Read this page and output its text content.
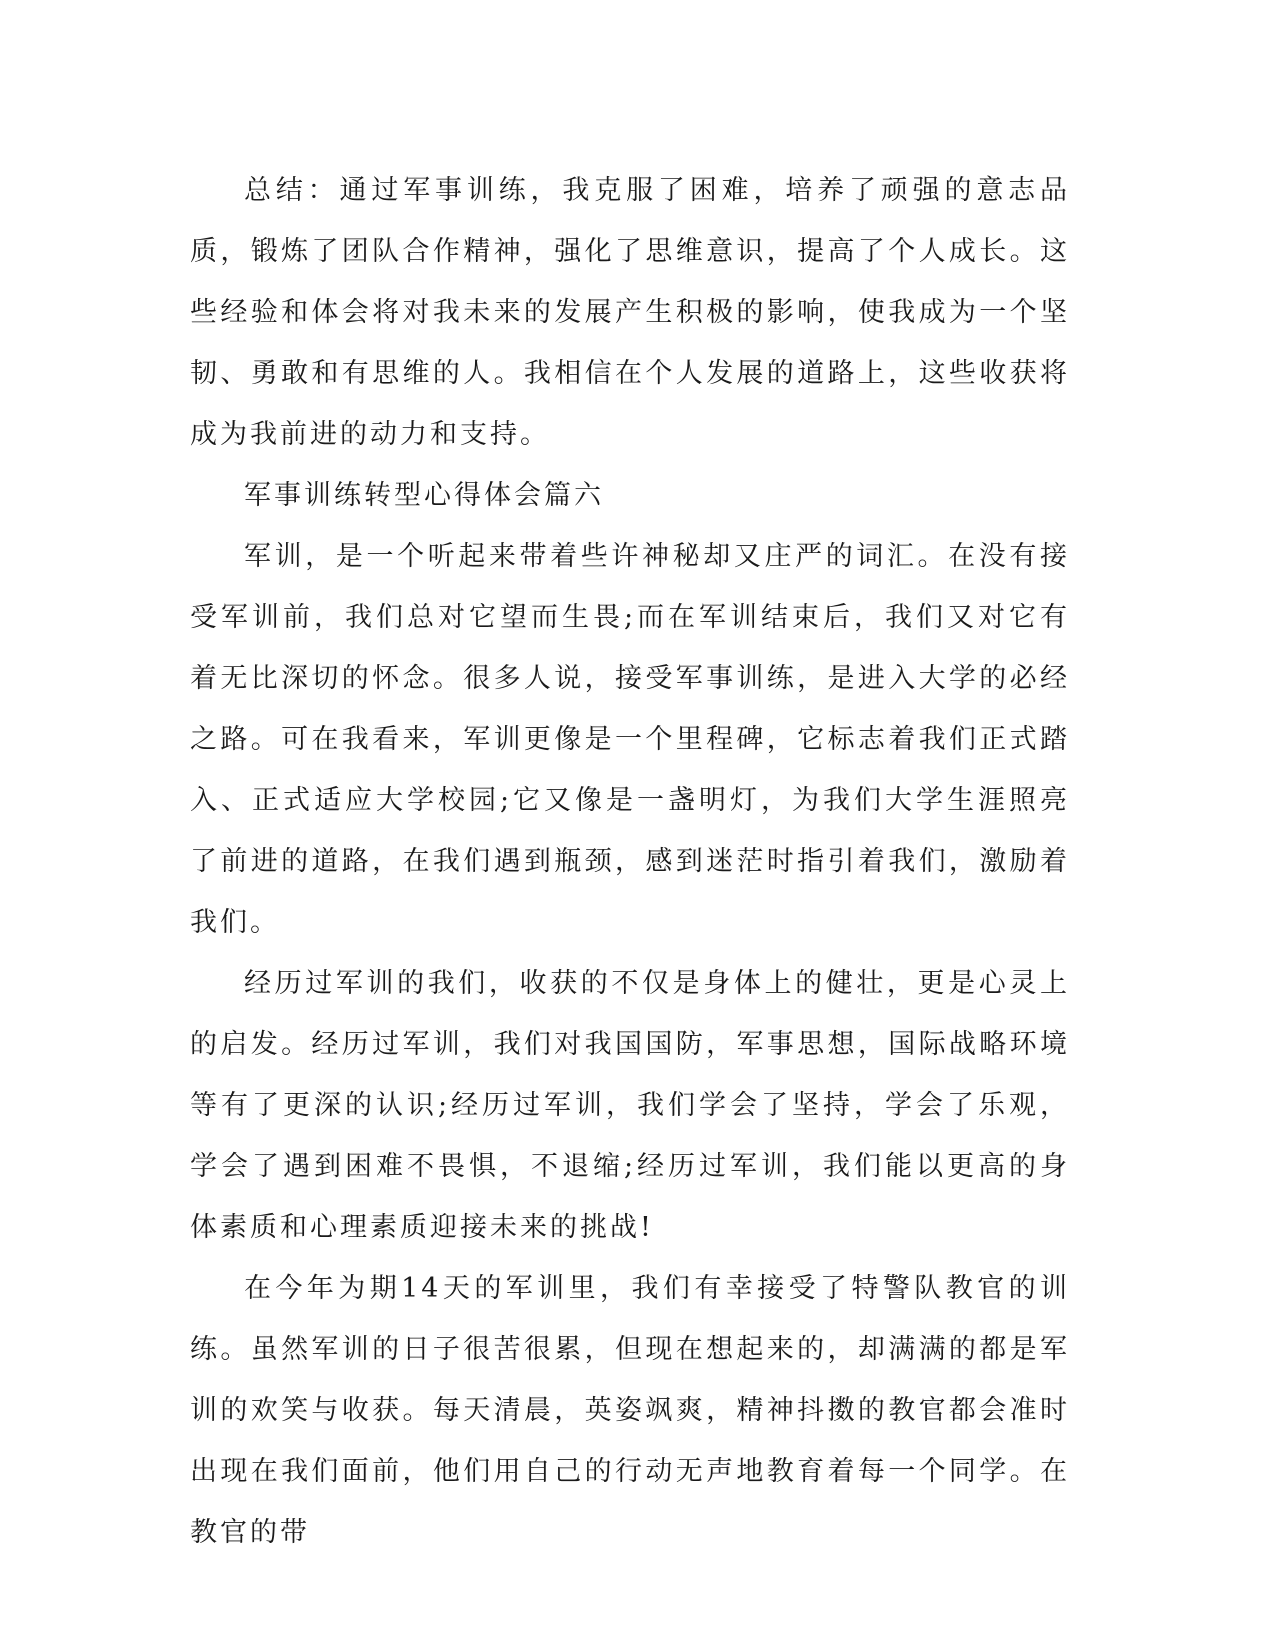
总结：通过军事训练，我克服了困难，培养了顽强的意志品质，锻炼了团队合作精神，强化了思维意识，提高了个人成长。这些经验和体会将对我未来的发展产生积极的影响，使我成为一个坚韧、勇敢和有思维的人。我相信在个人发展的道路上，这些收获将成为我前进的动力和支持。

军事训练转型心得体会篇六

军训，是一个听起来带着些许神秘却又庄严的词汇。在没有接受军训前，我们总对它望而生畏;而在军训结束后，我们又对它有着无比深切的怀念。很多人说，接受军事训练，是进入大学的必经之路。可在我看来，军训更像是一个里程碑，它标志着我们正式踏入、正式适应大学校园;它又像是一盏明灯，为我们大学生涯照亮了前进的道路，在我们遇到瓶颈，感到迷茫时指引着我们，激励着我们。

经历过军训的我们，收获的不仅是身体上的健壮，更是心灵上的启发。经历过军训，我们对我国国防，军事思想，国际战略环境等有了更深的认识;经历过军训，我们学会了坚持，学会了乐观，学会了遇到困难不畏惧，不退缩;经历过军训，我们能以更高的身体素质和心理素质迎接未来的挑战!

在今年为期14天的军训里，我们有幸接受了特警队教官的训练。虽然军训的日子很苦很累，但现在想起来的，却满满的都是军训的欢笑与收获。每天清晨，英姿飒爽，精神抖擞的教官都会准时出现在我们面前，他们用自己的行动无声地教育着每一个同学。在教官的带
